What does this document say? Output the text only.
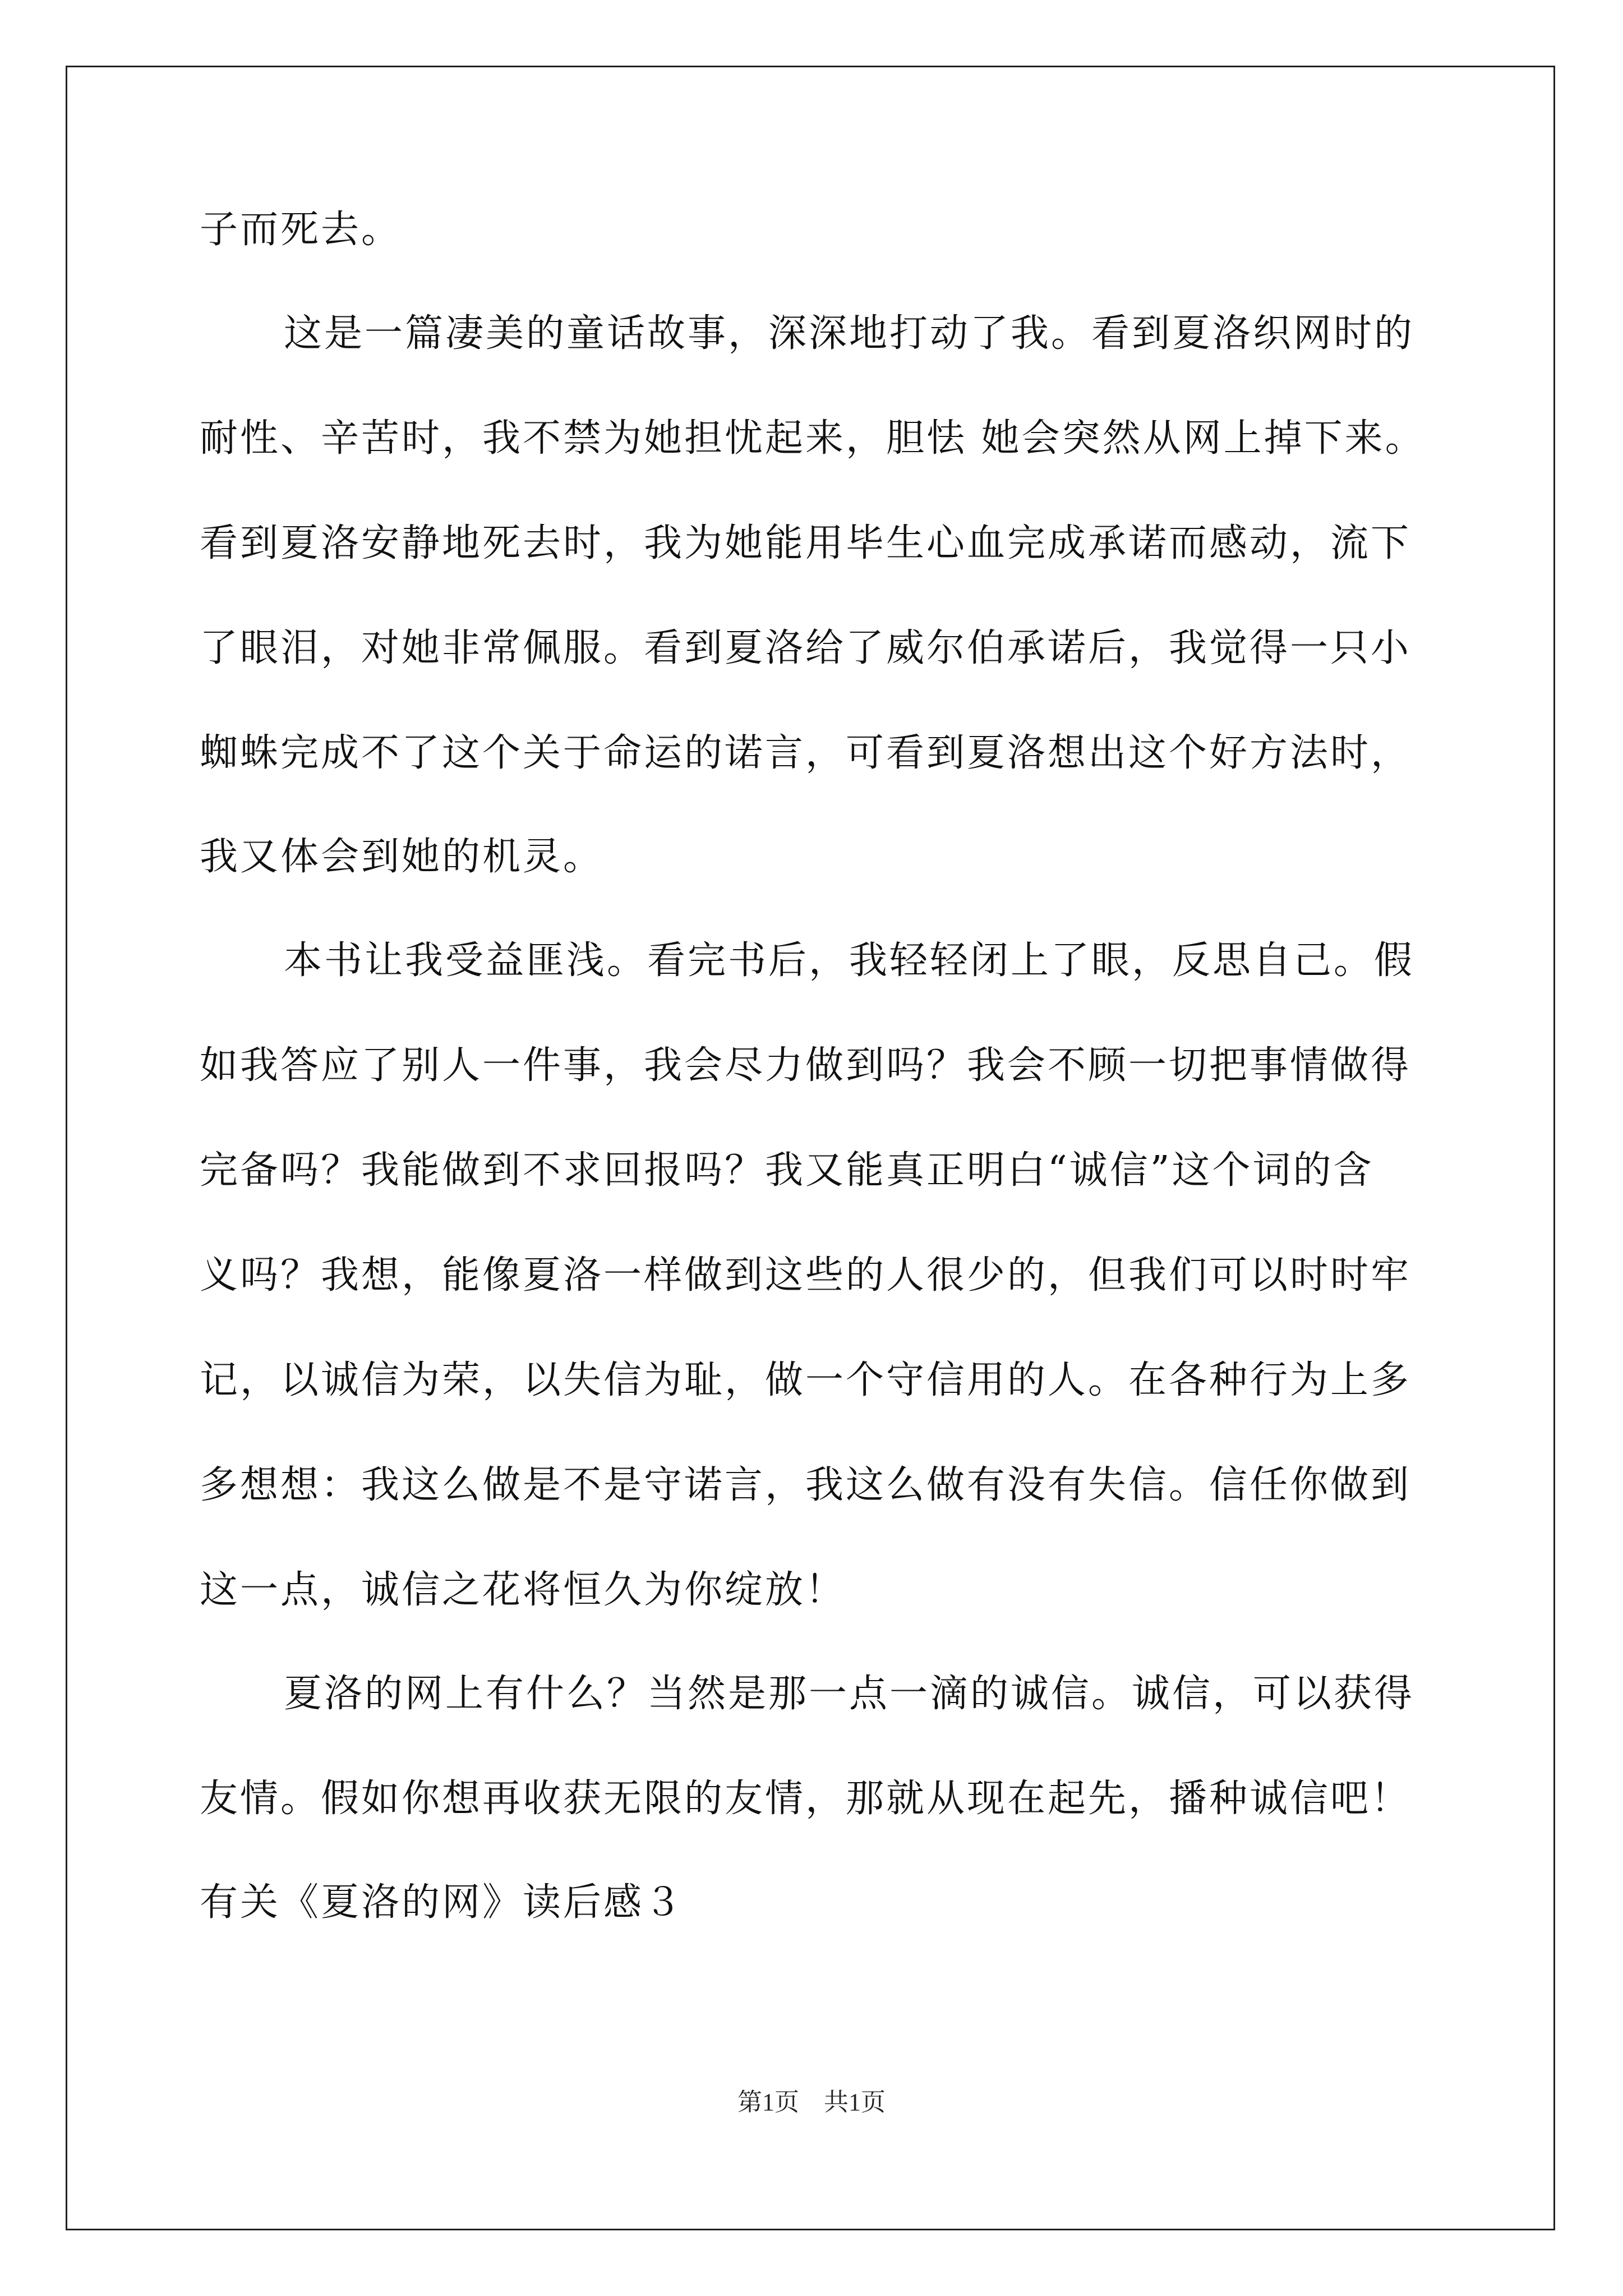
子而死去。
这是一篇凄美的童话故事，深深地打动了我。看到夏洛织网时的
耐性、辛苦时，我不禁为她担忧起来，胆怯 她会突然从网上掉下来。
看到夏洛安静地死去时，我为她能用毕生心血完成承诺而感动，流下
了眼泪，对她非常佩服。看到夏洛给了威尔伯承诺后，我觉得一只小
蜘蛛完成不了这个关于命运的诺言，可看到夏洛想出这个好方法时，
我又体会到她的机灵。
本书让我受益匪浅。看完书后，我轻轻闭上了眼，反思自己。假
如我答应了别人一件事，我会尽力做到吗？我会不顾一切把事情做得
完备吗？我能做到不求回报吗？我又能真正明白“诚信”这个词的含
义吗？我想，能像夏洛一样做到这些的人很少的，但我们可以时时牢
记，以诚信为荣，以失信为耻，做一个守信用的人。在各种行为上多
多想想：我这么做是不是守诺言，我这么做有没有失信。信任你做到
这一点，诚信之花将恒久为你绽放！
夏洛的网上有什么？当然是那一点一滴的诚信。诚信，可以获得
友情。假如你想再收获无限的友情，那就从现在起先，播种诚信吧！
有关《夏洛的网》读后感３
第1页　共1页
